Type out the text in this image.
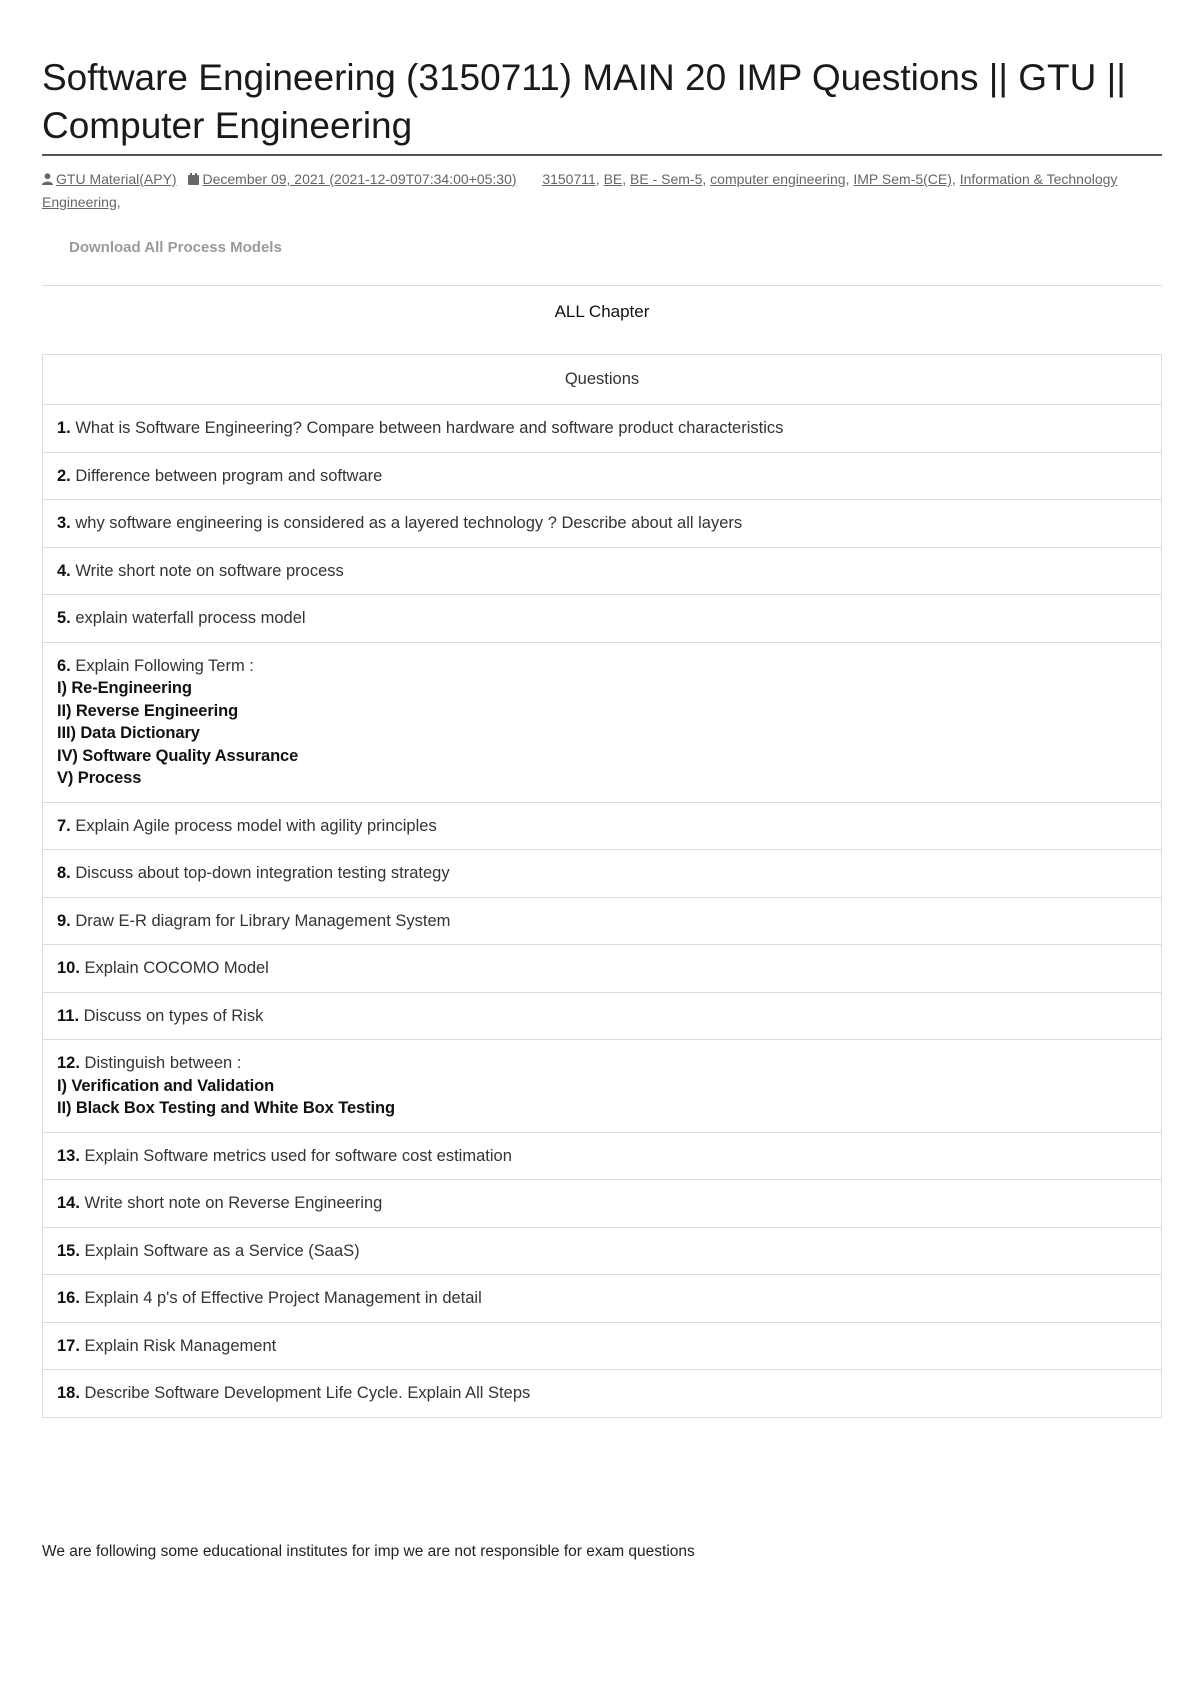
Software Engineering (3150711) MAIN 20 IMP Questions || GTU || Computer Engineering
GTU Material(APY) December 09, 2021 (2021-12-09T07:34:00+05:30) 3150711, BE, BE - Sem-5, computer engineering, IMP Sem-5(CE), Information & Technology Engineering,
Download All Process Models
ALL Chapter
Questions
1. What is Software Engineering? Compare between hardware and software product characteristics
2. Difference between program and software
3. why software engineering is considered as a layered technology ? Describe about all layers
4. Write short note on software process
5. explain waterfall process model
6. Explain Following Term :
I) Re-Engineering
II) Reverse Engineering
III) Data Dictionary
IV) Software Quality Assurance
V) Process

7. Explain Agile process model with agility principles
8. Discuss about top-down integration testing strategy
9. Draw E-R diagram for Library Management System
10. Explain COCOMO Model
11. Discuss on types of Risk
12. Distinguish between :
I) Verification and Validation
II) Black Box Testing and White Box Testing

13. Explain Software metrics used for software cost estimation
14. Write short note on Reverse Engineering
15. Explain Software as a Service (SaaS)
16. Explain 4 p's of Effective Project Management in detail
17. Explain Risk Management
18. Describe Software Development Life Cycle. Explain All Steps
We are following some educational institutes for imp we are not responsible for exam questions
